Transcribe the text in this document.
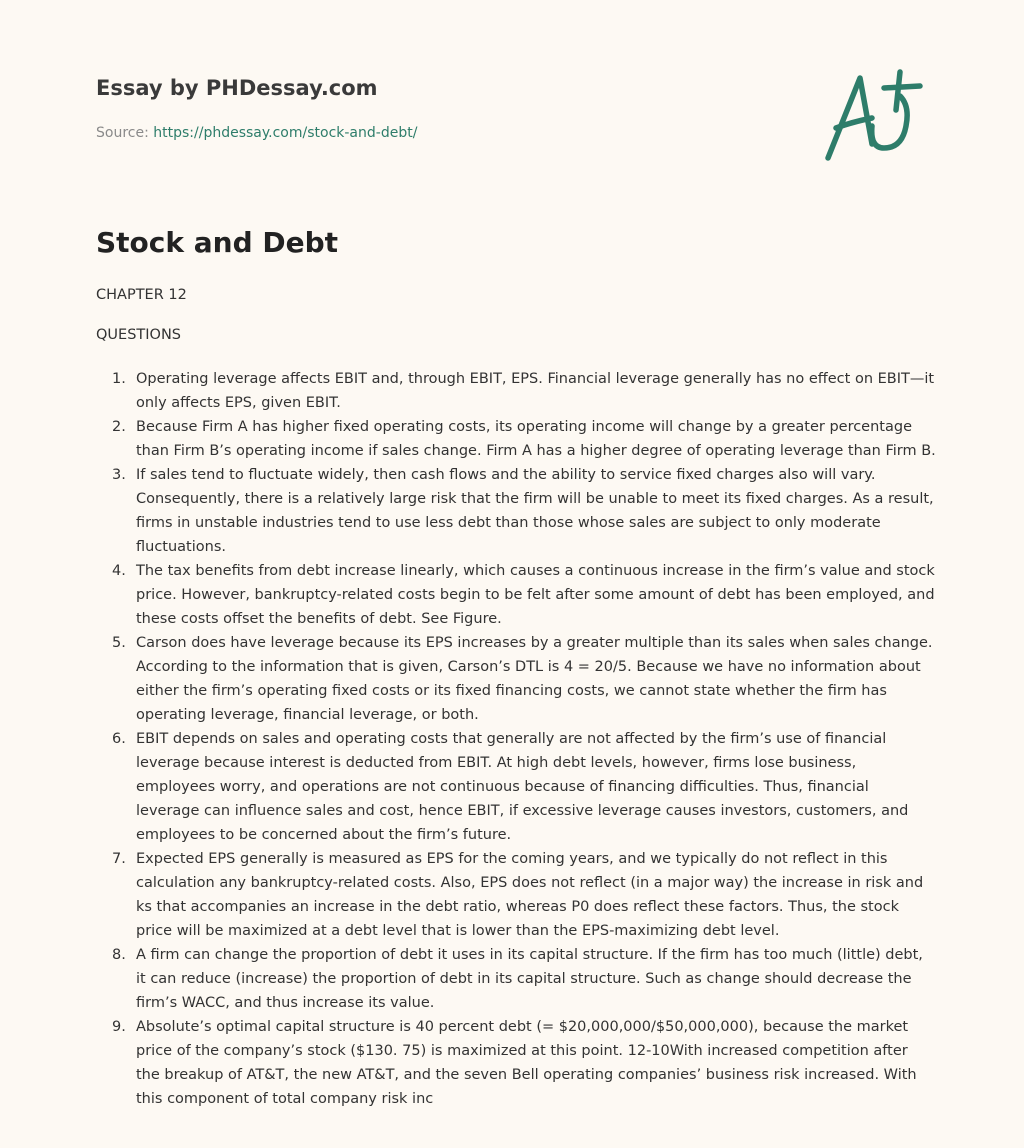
Essay by PHDessay.com
Source: https://phdessay.com/stock-and-debt/
Stock and Debt
CHAPTER 12
QUESTIONS
1. Operating leverage affects EBIT and, through EBIT, EPS. Financial leverage generally has no effect on EBIT—it only affects EPS, given EBIT.
2. Because Firm A has higher fixed operating costs, its operating income will change by a greater percentage than Firm B’s operating income if sales change. Firm A has a higher degree of operating leverage than Firm B.
3. If sales tend to fluctuate widely, then cash flows and the ability to service fixed charges also will vary. Consequently, there is a relatively large risk that the firm will be unable to meet its fixed charges. As a result, firms in unstable industries tend to use less debt than those whose sales are subject to only moderate fluctuations.
4. The tax benefits from debt increase linearly, which causes a continuous increase in the firm’s value and stock price. However, bankruptcy-related costs begin to be felt after some amount of debt has been employed, and these costs offset the benefits of debt. See Figure.
5. Carson does have leverage because its EPS increases by a greater multiple than its sales when sales change. According to the information that is given, Carson’s DTL is 4 = 20/5. Because we have no information about either the firm’s operating fixed costs or its fixed financing costs, we cannot state whether the firm has operating leverage, financial leverage, or both.
6. EBIT depends on sales and operating costs that generally are not affected by the firm’s use of financial leverage because interest is deducted from EBIT. At high debt levels, however, firms lose business, employees worry, and operations are not continuous because of financing difficulties. Thus, financial leverage can influence sales and cost, hence EBIT, if excessive leverage causes investors, customers, and employees to be concerned about the firm’s future.
7. Expected EPS generally is measured as EPS for the coming years, and we typically do not reflect in this calculation any bankruptcy-related costs. Also, EPS does not reflect (in a major way) the increase in risk and ks that accompanies an increase in the debt ratio, whereas P0 does reflect these factors. Thus, the stock price will be maximized at a debt level that is lower than the EPS-maximizing debt level.
8. A firm can change the proportion of debt it uses in its capital structure. If the firm has too much (little) debt, it can reduce (increase) the proportion of debt in its capital structure. Such as change should decrease the firm’s WACC, and thus increase its value.
9. Absolute’s optimal capital structure is 40 percent debt (= $20,000,000/$50,000,000), because the market price of the company’s stock ($130. 75) is maximized at this point. 12-10With increased competition after the breakup of AT&T, the new AT&T, and the seven Bell operating companies’ business risk increased. With this component of total company risk inc
